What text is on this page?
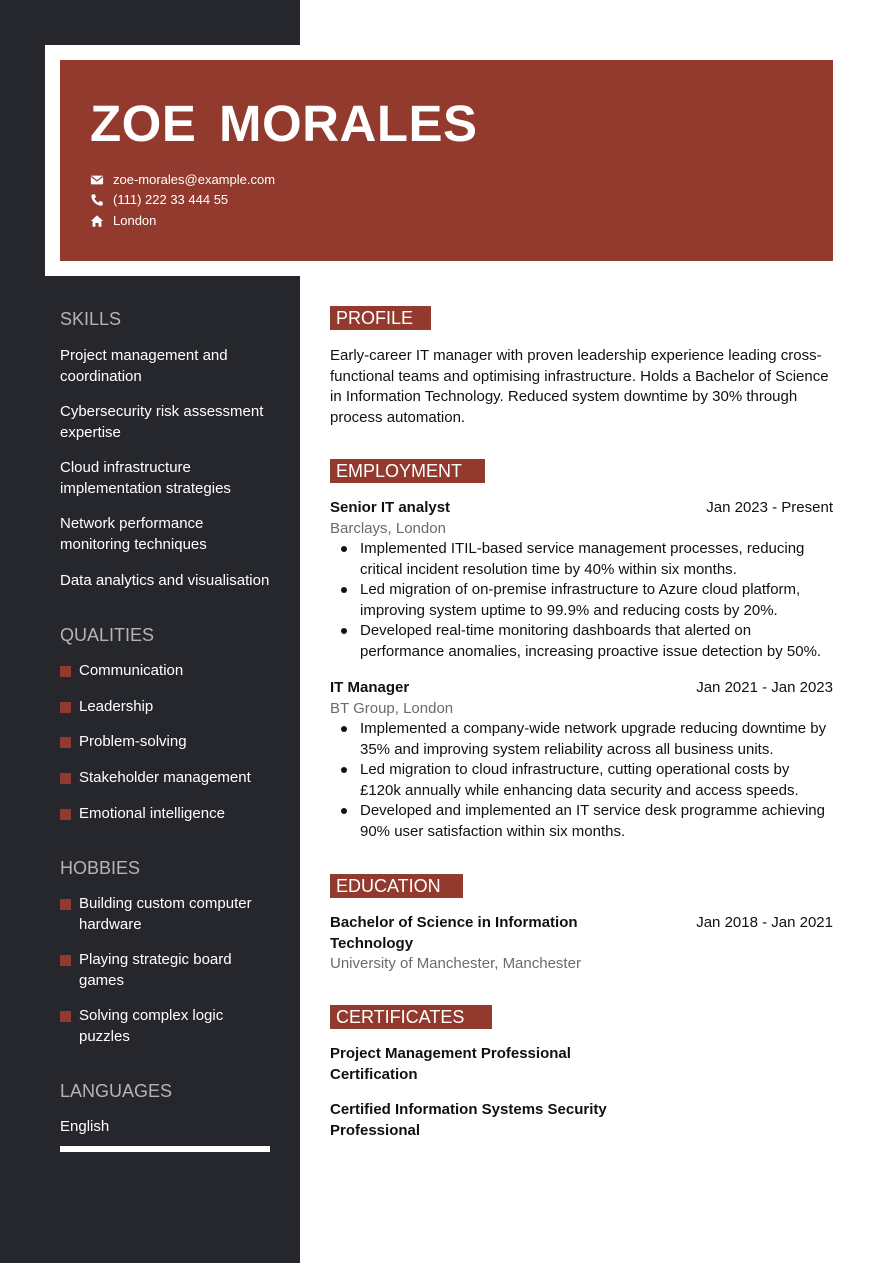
ZOE MORALES
zoe-morales@example.com
(111) 222 33 444 55
London
SKILLS
Project management and coordination
Cybersecurity risk assessment expertise
Cloud infrastructure implementation strategies
Network performance monitoring techniques
Data analytics and visualisation
QUALITIES
Communication
Leadership
Problem-solving
Stakeholder management
Emotional intelligence
HOBBIES
Building custom computer hardware
Playing strategic board games
Solving complex logic puzzles
LANGUAGES
English
PROFILE
Early-career IT manager with proven leadership experience leading cross-functional teams and optimising infrastructure. Holds a Bachelor of Science in Information Technology. Reduced system downtime by 30% through process automation.
EMPLOYMENT
Senior IT analyst	Jan 2023 - Present
Barclays, London
Implemented ITIL-based service management processes, reducing critical incident resolution time by 40% within six months.
Led migration of on-premise infrastructure to Azure cloud platform, improving system uptime to 99.9% and reducing costs by 20%.
Developed real-time monitoring dashboards that alerted on performance anomalies, increasing proactive issue detection by 50%.
IT Manager	Jan 2021 - Jan 2023
BT Group, London
Implemented a company-wide network upgrade reducing downtime by 35% and improving system reliability across all business units.
Led migration to cloud infrastructure, cutting operational costs by £120k annually while enhancing data security and access speeds.
Developed and implemented an IT service desk programme achieving 90% user satisfaction within six months.
EDUCATION
Bachelor of Science in Information Technology
Jan 2018 - Jan 2021
University of Manchester, Manchester
CERTIFICATES
Project Management Professional Certification
Certified Information Systems Security Professional
